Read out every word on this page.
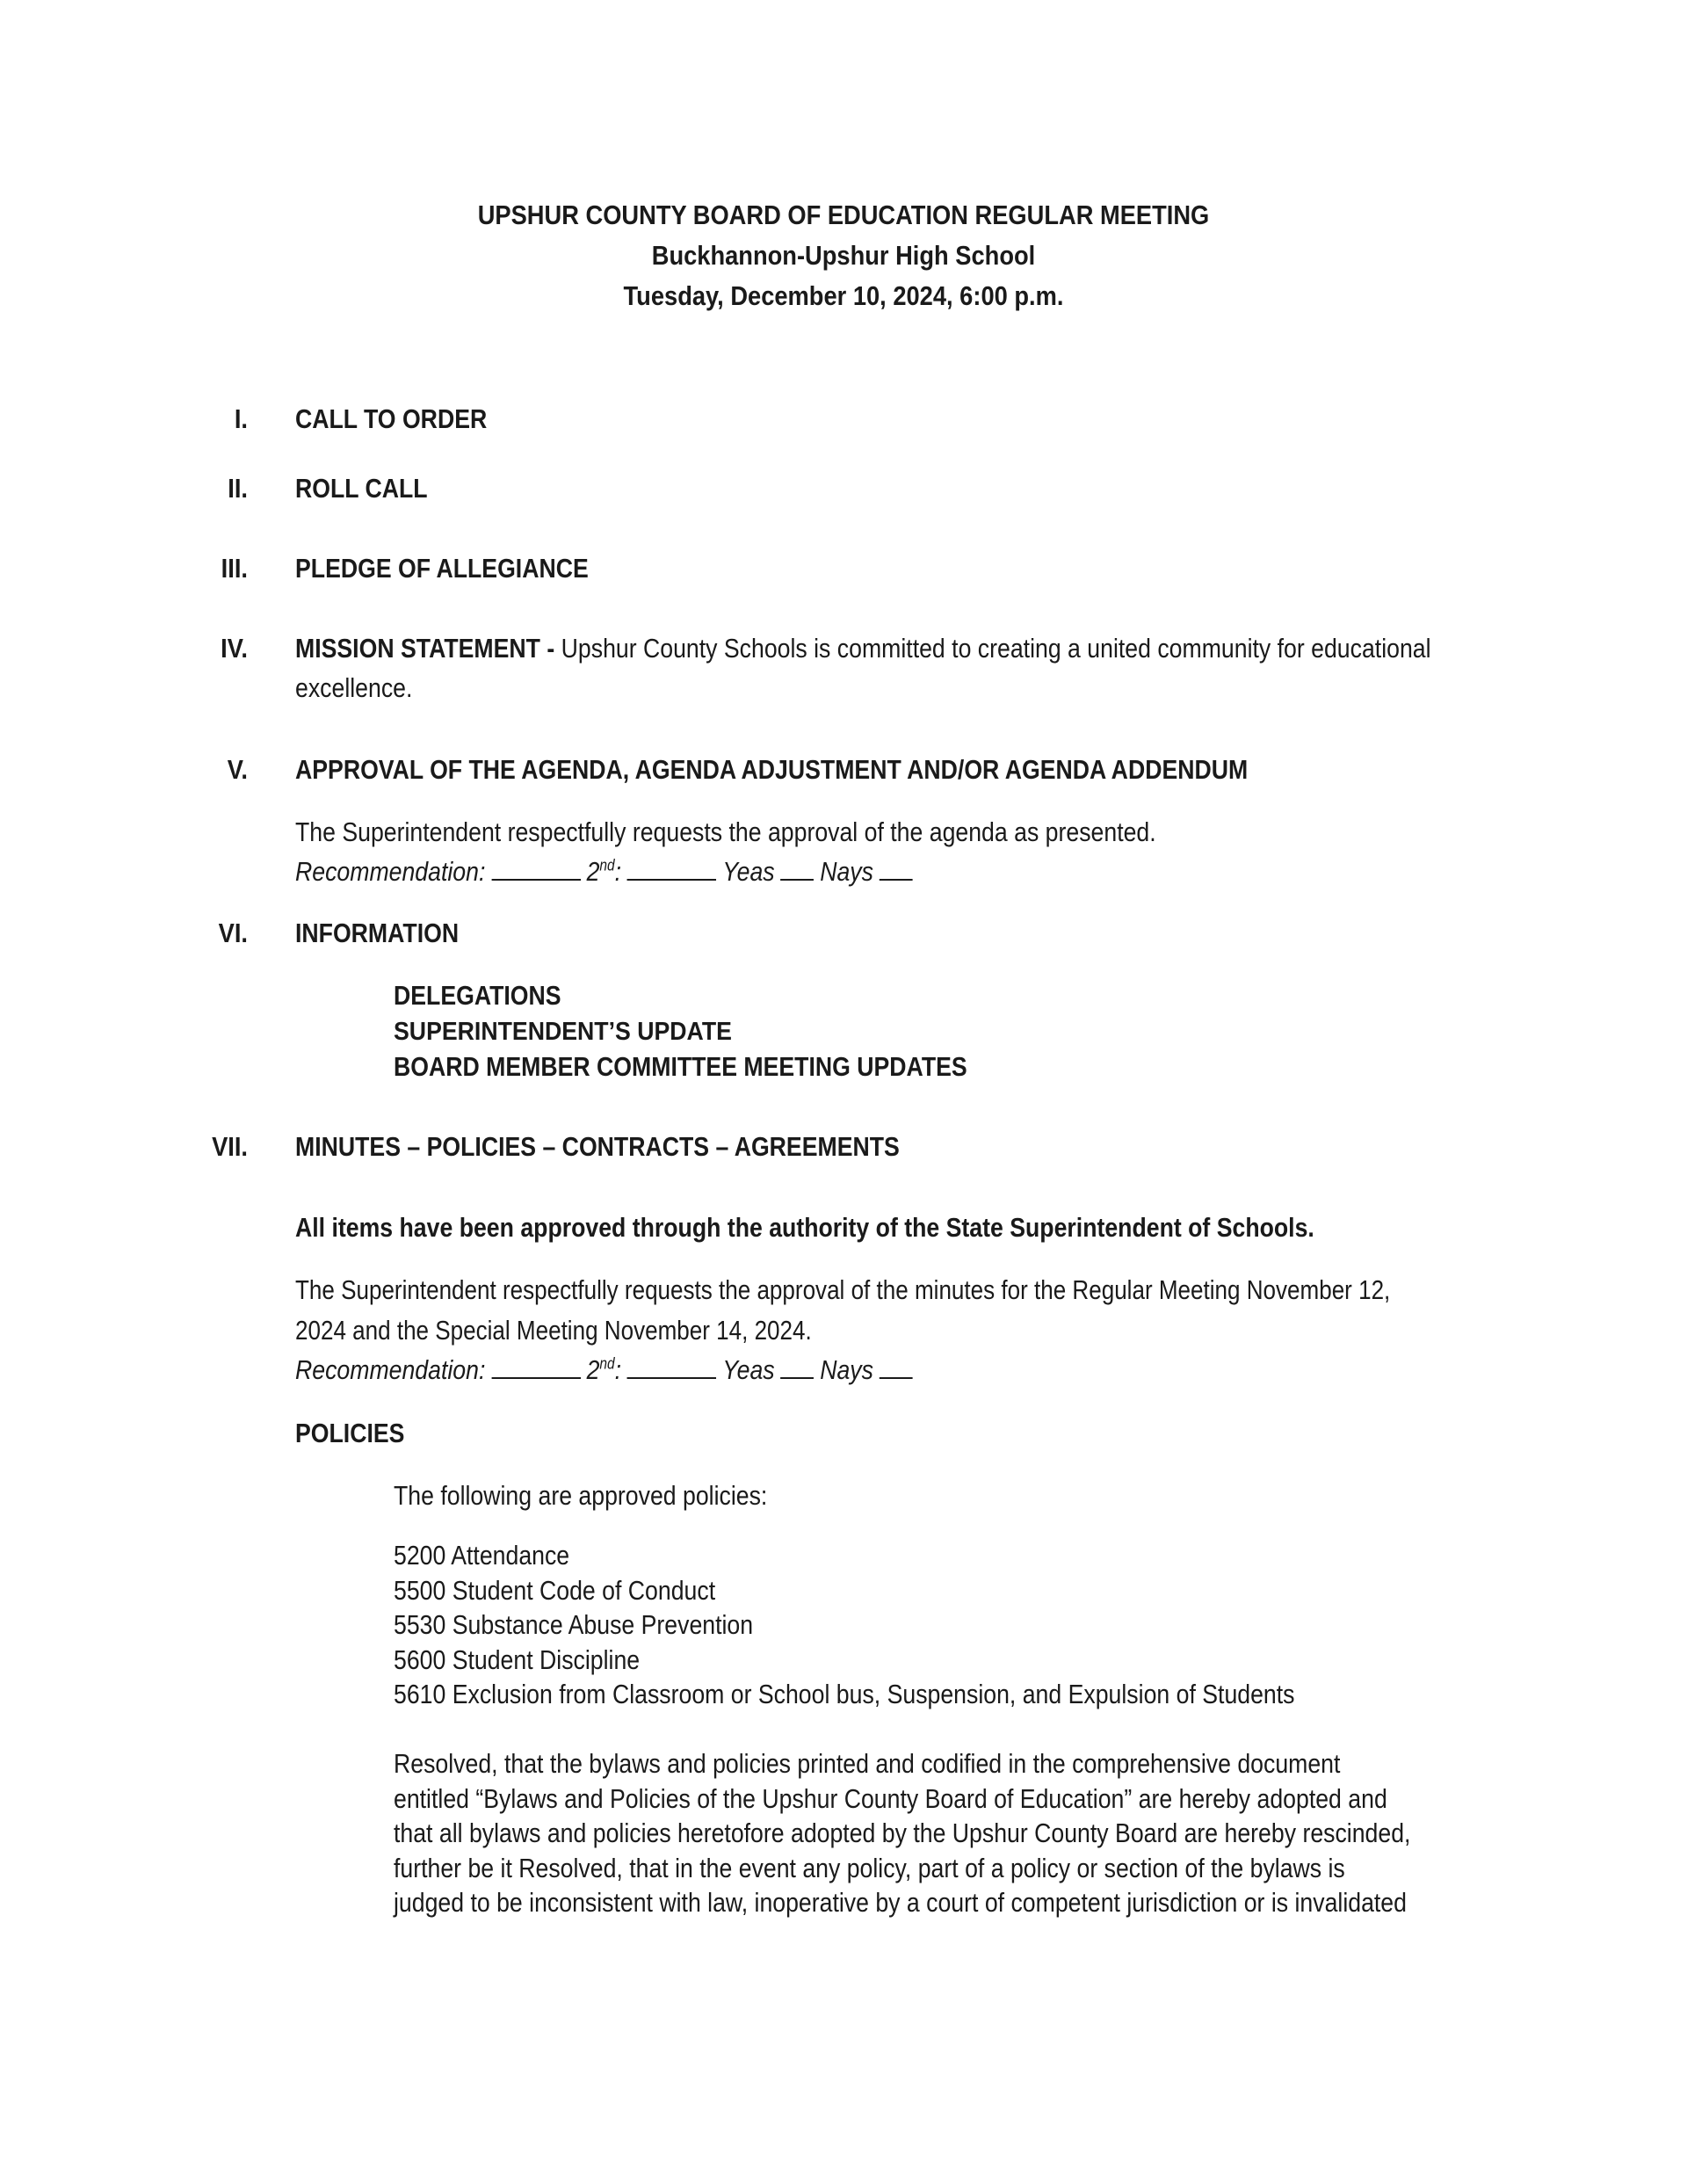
UPSHUR COUNTY BOARD OF EDUCATION REGULAR MEETING
Buckhannon-Upshur High School
Tuesday, December 10, 2024, 6:00 p.m.
I. CALL TO ORDER
II. ROLL CALL
III. PLEDGE OF ALLEGIANCE
IV. MISSION STATEMENT - Upshur County Schools is committed to creating a united community for educational
excellence.
V. APPROVAL OF THE AGENDA, AGENDA ADJUSTMENT AND/OR AGENDA ADDENDUM
The Superintendent respectfully requests the approval of the agenda as presented.
Recommendation:	2nd:	Yeas Nays
VI. INFORMATION
DELEGATIONS
SUPERINTENDENT’S UPDATE
BOARD MEMBER COMMITTEE MEETING UPDATES
VII. MINUTES – POLICIES – CONTRACTS – AGREEMENTS
All items have been approved through the authority of the State Superintendent of Schools.
The Superintendent respectfully requests the approval of the minutes for the Regular Meeting November 12,
2024 and the Special Meeting November 14, 2024.
Recommendation:	2nd:	Yeas Nays
POLICIES
The following are approved policies:
5200 Attendance
5500 Student Code of Conduct
5530 Substance Abuse Prevention
5600 Student Discipline
5610 Exclusion from Classroom or School bus, Suspension, and Expulsion of Students
Resolved, that the bylaws and policies printed and codified in the comprehensive document
entitled “Bylaws and Policies of the Upshur County Board of Education” are hereby adopted and
that all bylaws and policies heretofore adopted by the Upshur County Board are hereby rescinded,
further be it Resolved, that in the event any policy, part of a policy or section of the bylaws is
judged to be inconsistent with law, inoperative by a court of competent jurisdiction or is invalidated
